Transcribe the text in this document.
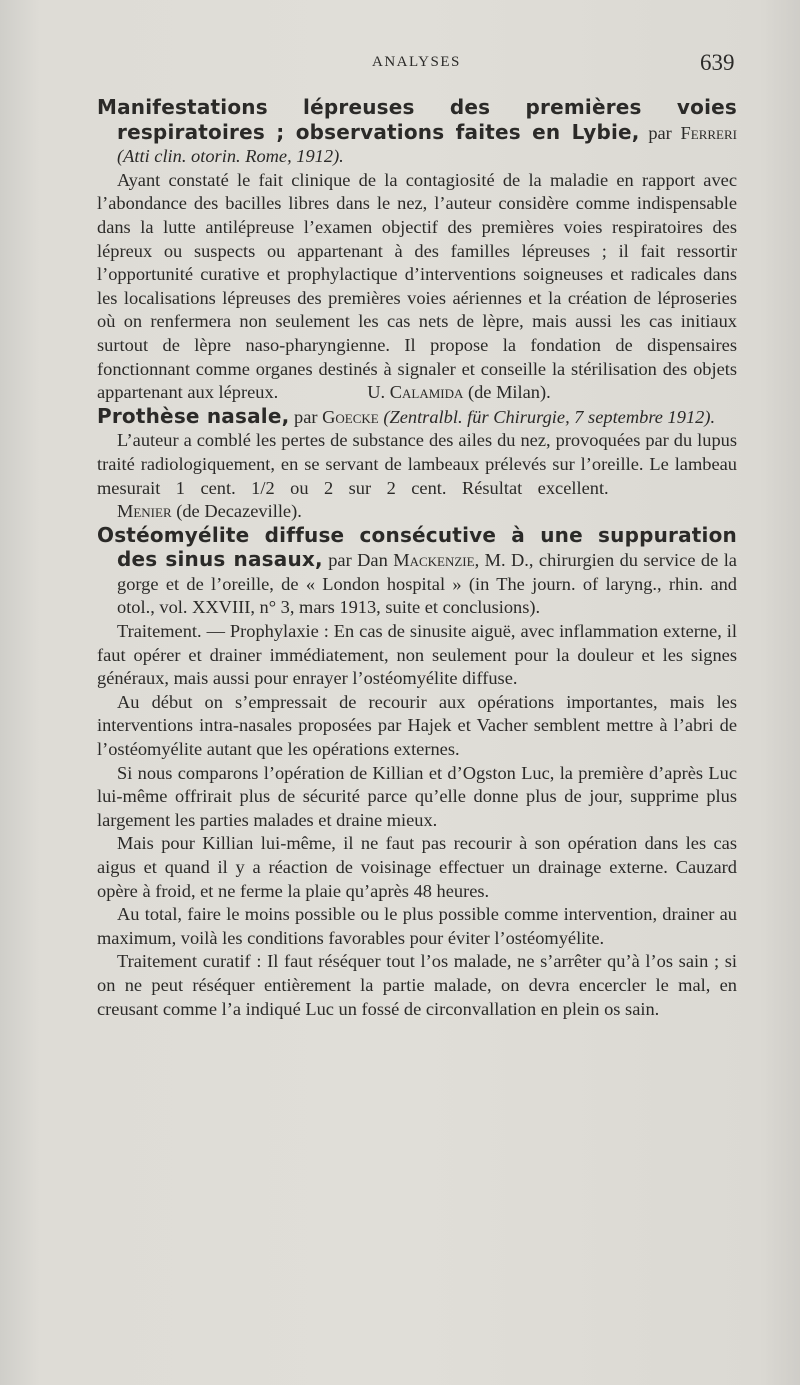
ANALYSES	639

Manifestations lépreuses des premières voies respiratoires ; observations faites en Lybie, par Ferreri (Atti clin. otorin. Rome, 1912).

Ayant constaté le fait clinique de la contagiosité de la maladie en rapport avec l’abondance des bacilles libres dans le nez, l’auteur considère comme indispensable dans la lutte antilépreuse l’examen objectif des premières voies respiratoires des lépreux ou suspects ou appartenant à des familles lépreuses ; il fait ressortir l’opportunité curative et prophylactique d’interventions soigneuses et radicales dans les localisations lépreuses des premières voies aériennes et la création de léproseries où on renfermera non seulement les cas nets de lèpre, mais aussi les cas initiaux surtout de lèpre naso-pharyngienne. Il propose la fondation de dispensaires fonctionnant comme organes destinés à signaler et conseille la stérilisation des objets appartenant aux lépreux.	U. Calamida (de Milan).

Prothèse nasale, par Goecke (Zentralbl. für Chirurgie, 7 septembre 1912).

L’auteur a comblé les pertes de substance des ailes du nez, provoquées par du lupus traité radiologiquement, en se servant de lambeaux prélevés sur l’oreille. Le lambeau mesurait 1 cent. 1/2 ou 2 sur 2 cent. Résultat excellent.          Menier (de Decazeville).

Ostéomyélite diffuse consécutive à une suppuration des sinus nasaux, par Dan Mackenzie, M. D., chirurgien du service de la gorge et de l’oreille, de « London hospital » (in The journ. of laryng., rhin. and otol., vol. XXVIII, n° 3, mars 1913, suite et conclusions).

Traitement. — Prophylaxie : En cas de sinusite aiguë, avec inflammation externe, il faut opérer et drainer immédiatement, non seulement pour la douleur et les signes généraux, mais aussi pour enrayer l’ostéomyélite diffuse.

Au début on s’empressait de recourir aux opérations importantes, mais les interventions intra-nasales proposées par Hajek et Vacher semblent mettre à l’abri de l’ostéomyélite autant que les opérations externes.

Si nous comparons l’opération de Killian et d’Ogston Luc, la première d’après Luc lui-même offrirait plus de sécurité parce qu’elle donne plus de jour, supprime plus largement les parties malades et draine mieux.

Mais pour Killian lui-même, il ne faut pas recourir à son opération dans les cas aigus et quand il y a réaction de voisinage effectuer un drainage externe. Cauzard opère à froid, et ne ferme la plaie qu’après 48 heures.

Au total, faire le moins possible ou le plus possible comme intervention, drainer au maximum, voilà les conditions favorables pour éviter l’ostéomyélite.

Traitement curatif : Il faut réséquer tout l’os malade, ne s’arrêter qu’à l’os sain ; si on ne peut réséquer entièrement la partie malade, on devra encercler le mal, en creusant comme l’a indiqué Luc un fossé de circonvallation en plein os sain.
